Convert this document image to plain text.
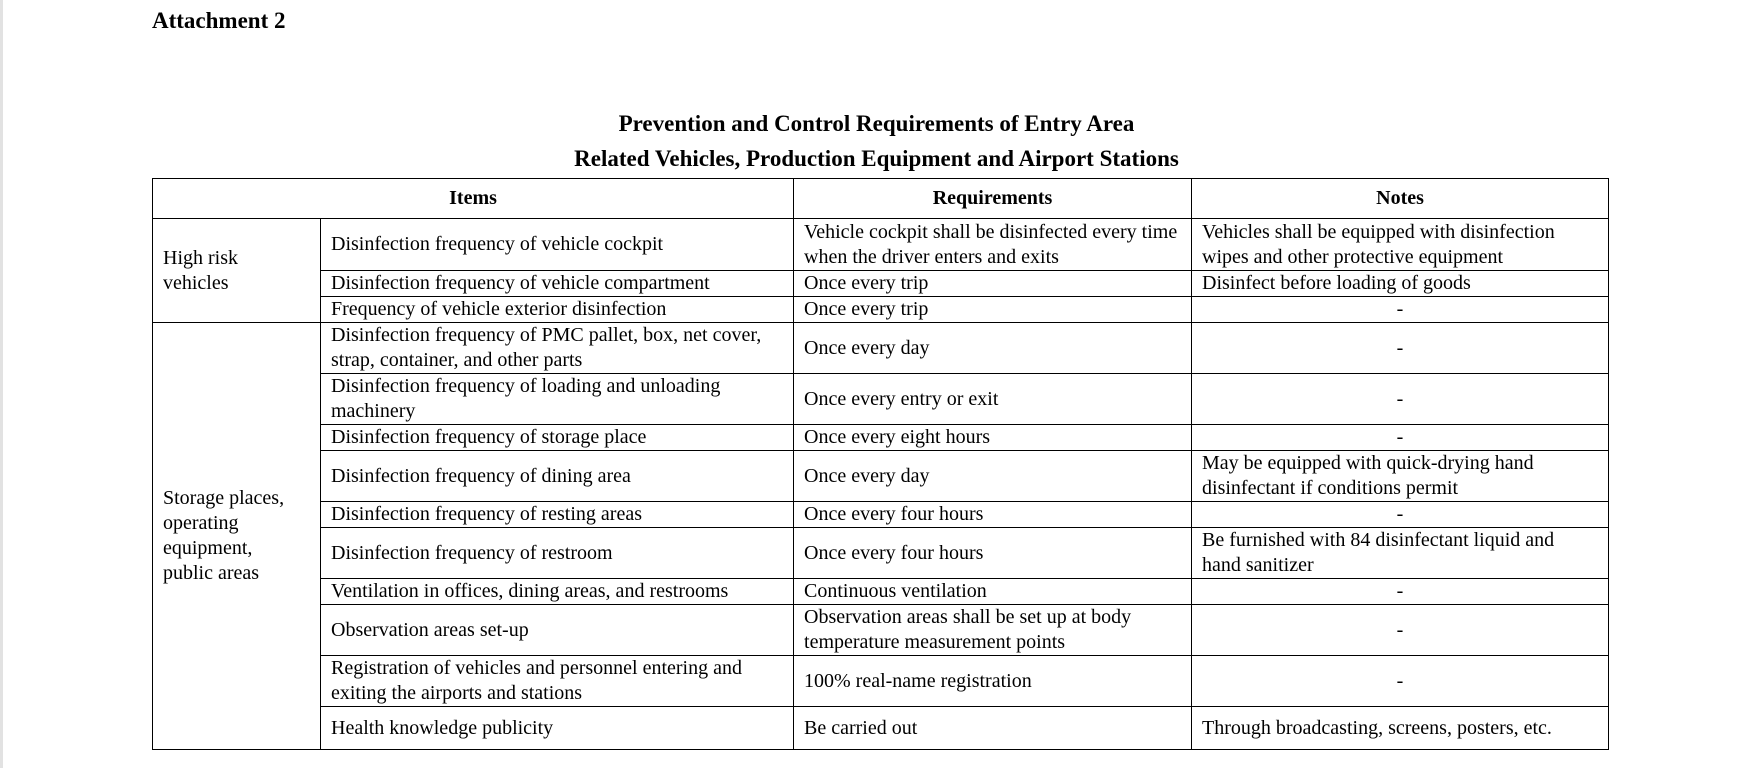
Attachment 2
Prevention and Control Requirements of Entry Area
Related Vehicles, Production Equipment and Airport Stations
Items		Requirements	Notes

High risk
vehicles	Disinfection frequency of vehicle cockpit	Vehicle cockpit shall be disinfected every time when the driver enters and exits	Vehicles shall be equipped with disinfection wipes and other protective equipment
	Disinfection frequency of vehicle compartment	Once every trip	Disinfect before loading of goods
	Frequency of vehicle exterior disinfection	Once every trip	-

Storage places,
operating
equipment,
public areas	Disinfection frequency of PMC pallet, box, net cover, strap, container, and other parts	Once every day	-
	Disinfection frequency of loading and unloading machinery	Once every entry or exit	-
	Disinfection frequency of storage place	Once every eight hours	-
	Disinfection frequency of dining area	Once every day	May be equipped with quick-drying hand disinfectant if conditions permit
	Disinfection frequency of resting areas	Once every four hours	-
	Disinfection frequency of restroom	Once every four hours	Be furnished with 84 disinfectant liquid and hand sanitizer
	Ventilation in offices, dining areas, and restrooms	Continuous ventilation	-
	Observation areas set-up	Observation areas shall be set up at body temperature measurement points	-
	Registration of vehicles and personnel entering and exiting the airports and stations	100% real-name registration	-
	Health knowledge publicity	Be carried out	Through broadcasting, screens, posters, etc.
